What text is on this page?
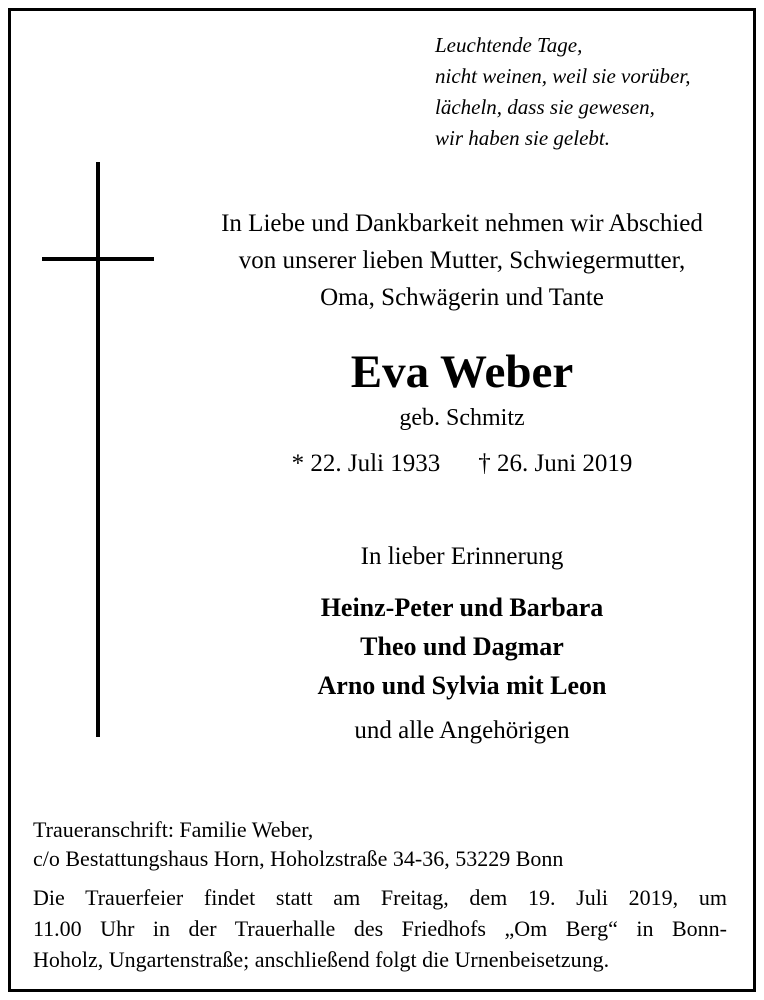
Leuchtende Tage,
nicht weinen, weil sie vorüber,
lächeln, dass sie gewesen,
wir haben sie gelebt.
In Liebe und Dankbarkeit nehmen wir Abschied
von unserer lieben Mutter, Schwiegermutter,
Oma, Schwägerin und Tante
Eva Weber
geb. Schmitz
* 22. Juli 1933 † 26. Juni 2019
In lieber Erinnerung
Heinz-Peter und Barbara
Theo und Dagmar
Arno und Sylvia mit Leon
und alle Angehörigen
Traueranschrift: Familie Weber,
c/o Bestattungshaus Horn, Hoholzstraße 34-36, 53229 Bonn
Die Trauerfeier findet statt am Freitag, dem 19. Juli 2019, um
11.00 Uhr in der Trauerhalle des Friedhofs „Om Berg“ in Bonn-
Hoholz, Ungartenstraße; anschließend folgt die Urnenbeisetzung.
